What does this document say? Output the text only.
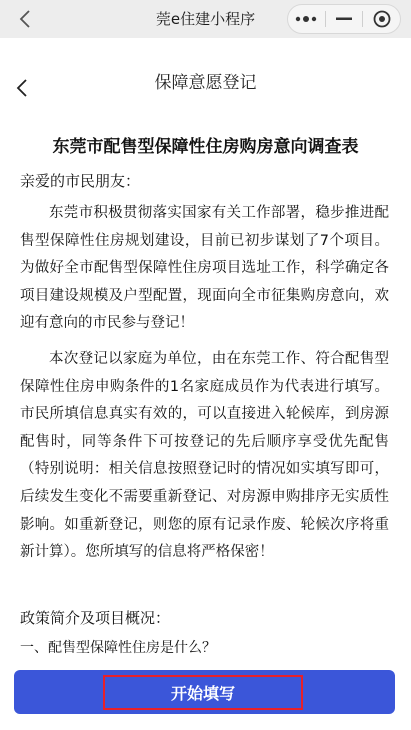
莞e住建小程序
保障意愿登记
东莞市配售型保障性住房购房意向调查表
亲爱的市民朋友：

东莞市积极贯彻落实国家有关工作部署，稳步推进配售型保障性住房规划建设，目前已初步谋划了7个项目。为做好全市配售型保障性住房项目选址工作，科学确定各项目建设规模及户型配置，现面向全市征集购房意向，欢迎有意向的市民参与登记！

本次登记以家庭为单位，由在东莞工作、符合配售型保障性住房申购条件的1名家庭成员作为代表进行填写。市民所填信息真实有效的，可以直接进入轮候库，到房源配售时，同等条件下可按登记的先后顺序享受优先配售（特别说明：相关信息按照登记时的情况如实填写即可，后续发生变化不需要重新登记、对房源申购排序无实质性影响。如重新登记，则您的原有记录作废、轮候次序将重新计算）。您所填写的信息将严格保密！

政策简介及项目概况：
一、配售型保障性住房是什么？
开始填写
